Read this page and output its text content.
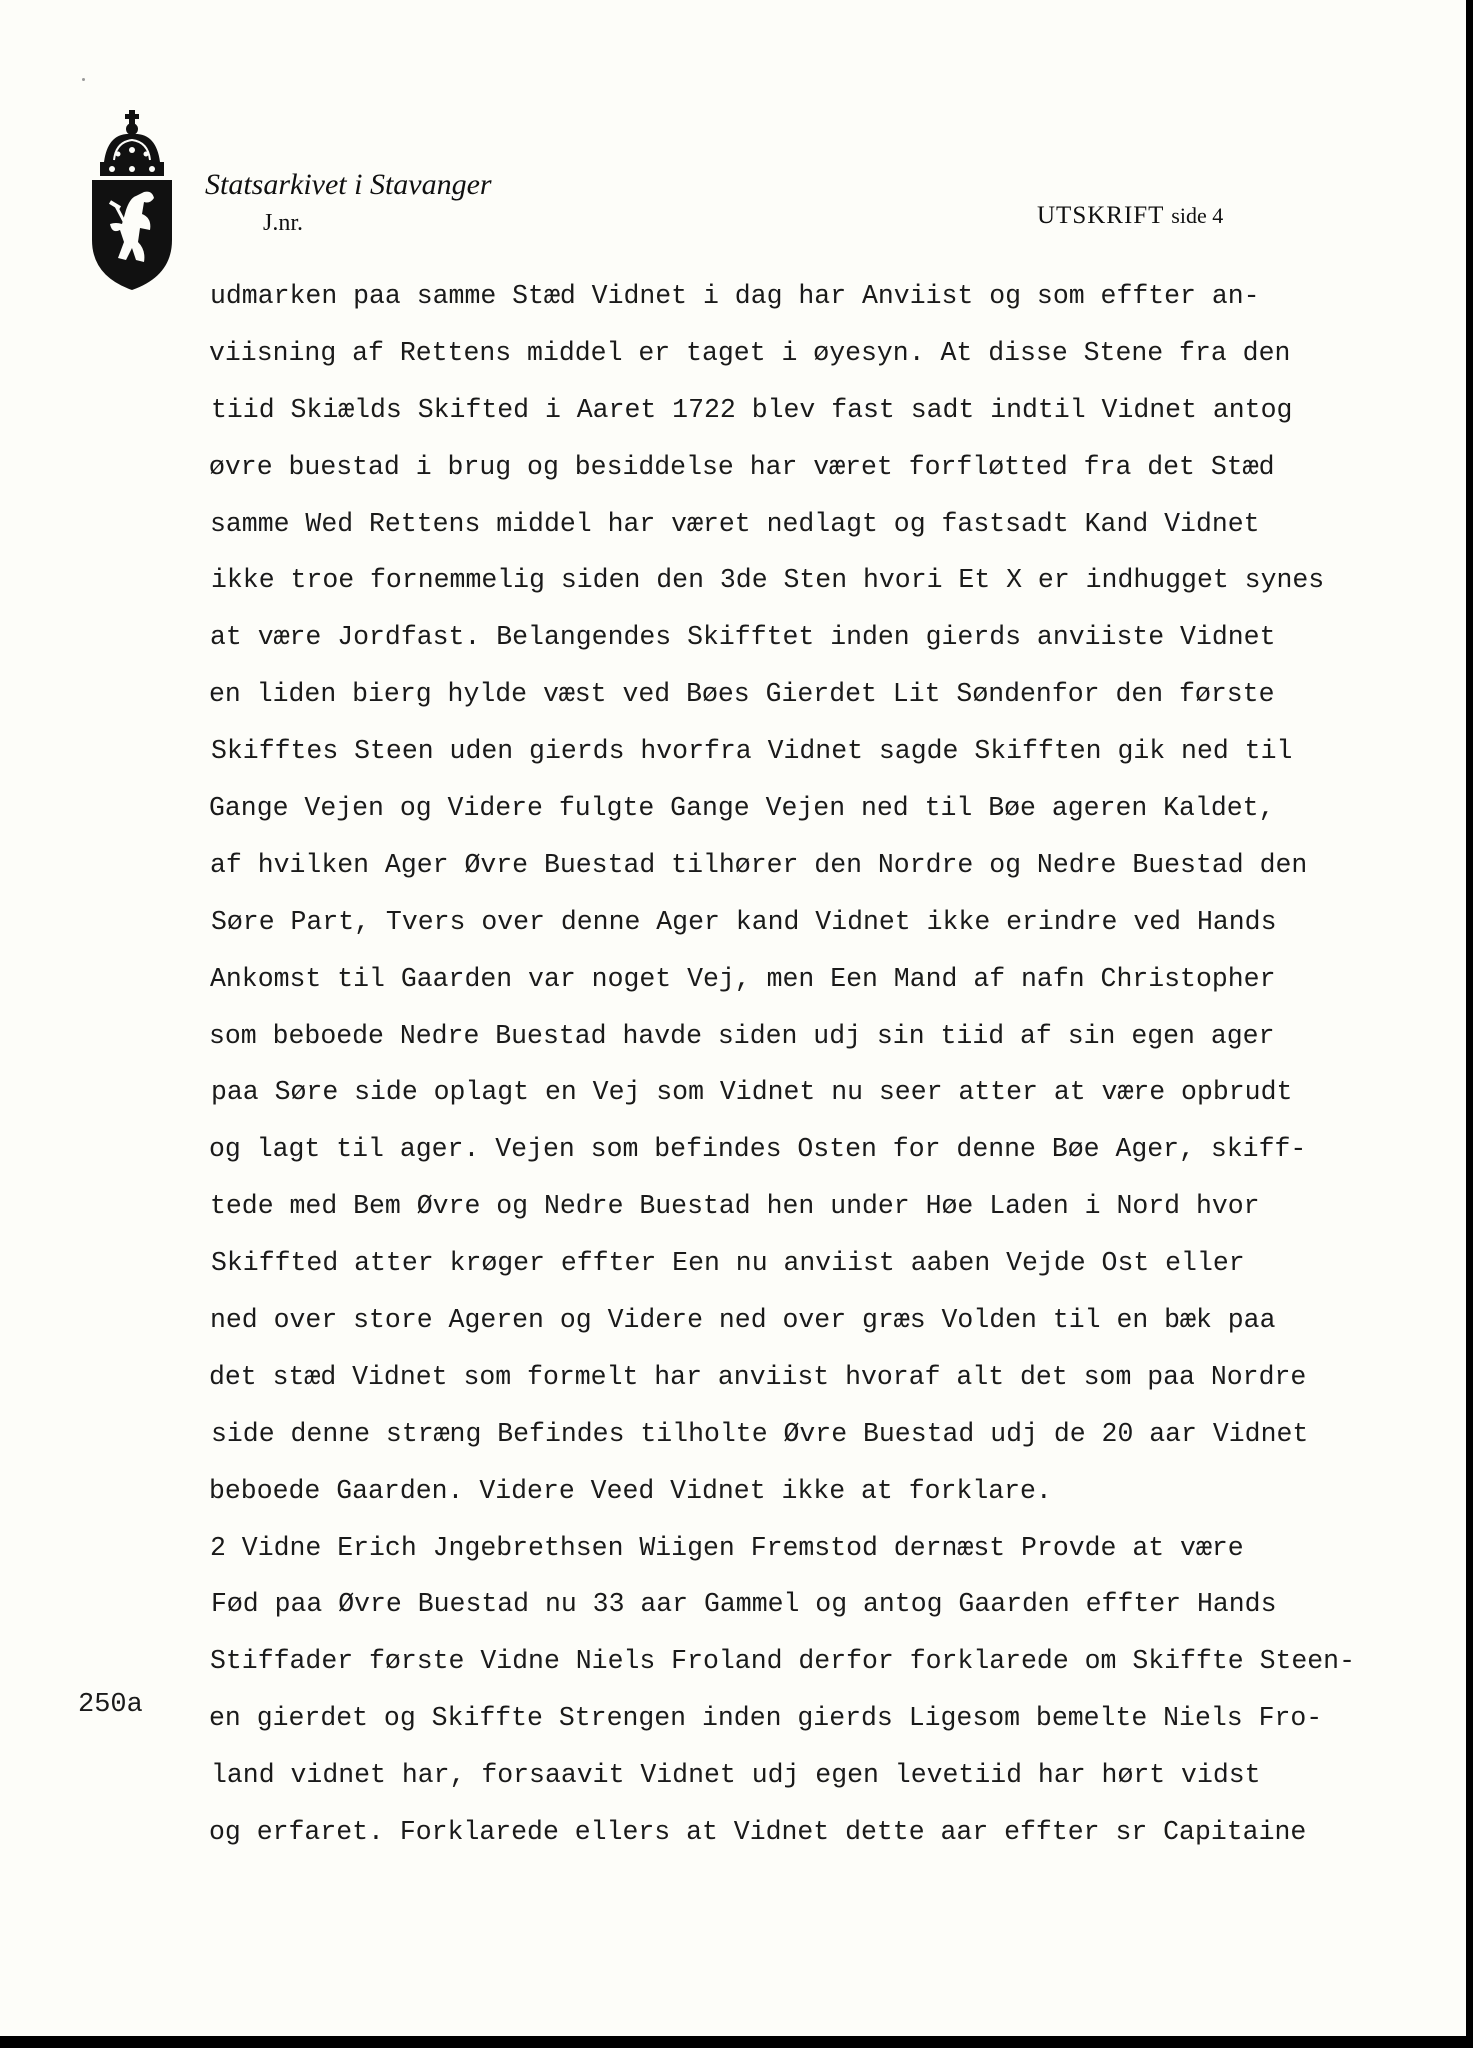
Statsarkivet i Stavanger
J.nr.	UTSKRIFT side 4
250a
udmarken paa samme Stæd Vidnet i dag har Anviist og som effter an-
viisning af Rettens middel er taget i øyesyn. At disse Stene fra den
tiid Skiælds Skifted i Aaret 1722 blev fast sadt indtil Vidnet antog
øvre buestad i brug og besiddelse har været forfløtted fra det Stæd
samme Wed Rettens middel har været nedlagt og fastsadt Kand Vidnet
ikke troe fornemmelig siden den 3de Sten hvori Et X er indhugget synes
at være Jordfast. Belangendes Skifftet inden gierds anviiste Vidnet
en liden bierg hylde væst ved Bøes Gierdet Lit Søndenfor den første
Skifftes Steen uden gierds hvorfra Vidnet sagde Skifften gik ned til
Gange Vejen og Videre fulgte Gange Vejen ned til Bøe ageren Kaldet,
af hvilken Ager Øvre Buestad tilhører den Nordre og Nedre Buestad den
Søre Part, Tvers over denne Ager kand Vidnet ikke erindre ved Hands
Ankomst til Gaarden var noget Vej, men Een Mand af nafn Christopher
som beboede Nedre Buestad havde siden udj sin tiid af sin egen ager
paa Søre side oplagt en Vej som Vidnet nu seer atter at være opbrudt
og lagt til ager. Vejen som befindes Osten for denne Bøe Ager, skiff-
tede med Bem Øvre og Nedre Buestad hen under Høe Laden i Nord hvor
Skiffted atter krøger effter Een nu anviist aaben Vejde Ost eller
ned over store Ageren og Videre ned over græs Volden til en bæk paa
det stæd Vidnet som formelt har anviist hvoraf alt det som paa Nordre
side denne stræng Befindes tilholte Øvre Buestad udj de 20 aar Vidnet
beboede Gaarden. Videre Veed Vidnet ikke at forklare.
2 Vidne Erich Jngebrethsen Wiigen Fremstod dernæst Provde at være
Fød paa Øvre Buestad nu 33 aar Gammel og antog Gaarden effter Hands
Stiffader første Vidne Niels Froland derfor forklarede om Skiffte Steen-
en gierdet og Skiffte Strengen inden gierds Ligesom bemelte Niels Fro-
land vidnet har, forsaavit Vidnet udj egen levetiid har hørt vidst
og erfaret. Forklarede ellers at Vidnet dette aar effter sr Capitaine
